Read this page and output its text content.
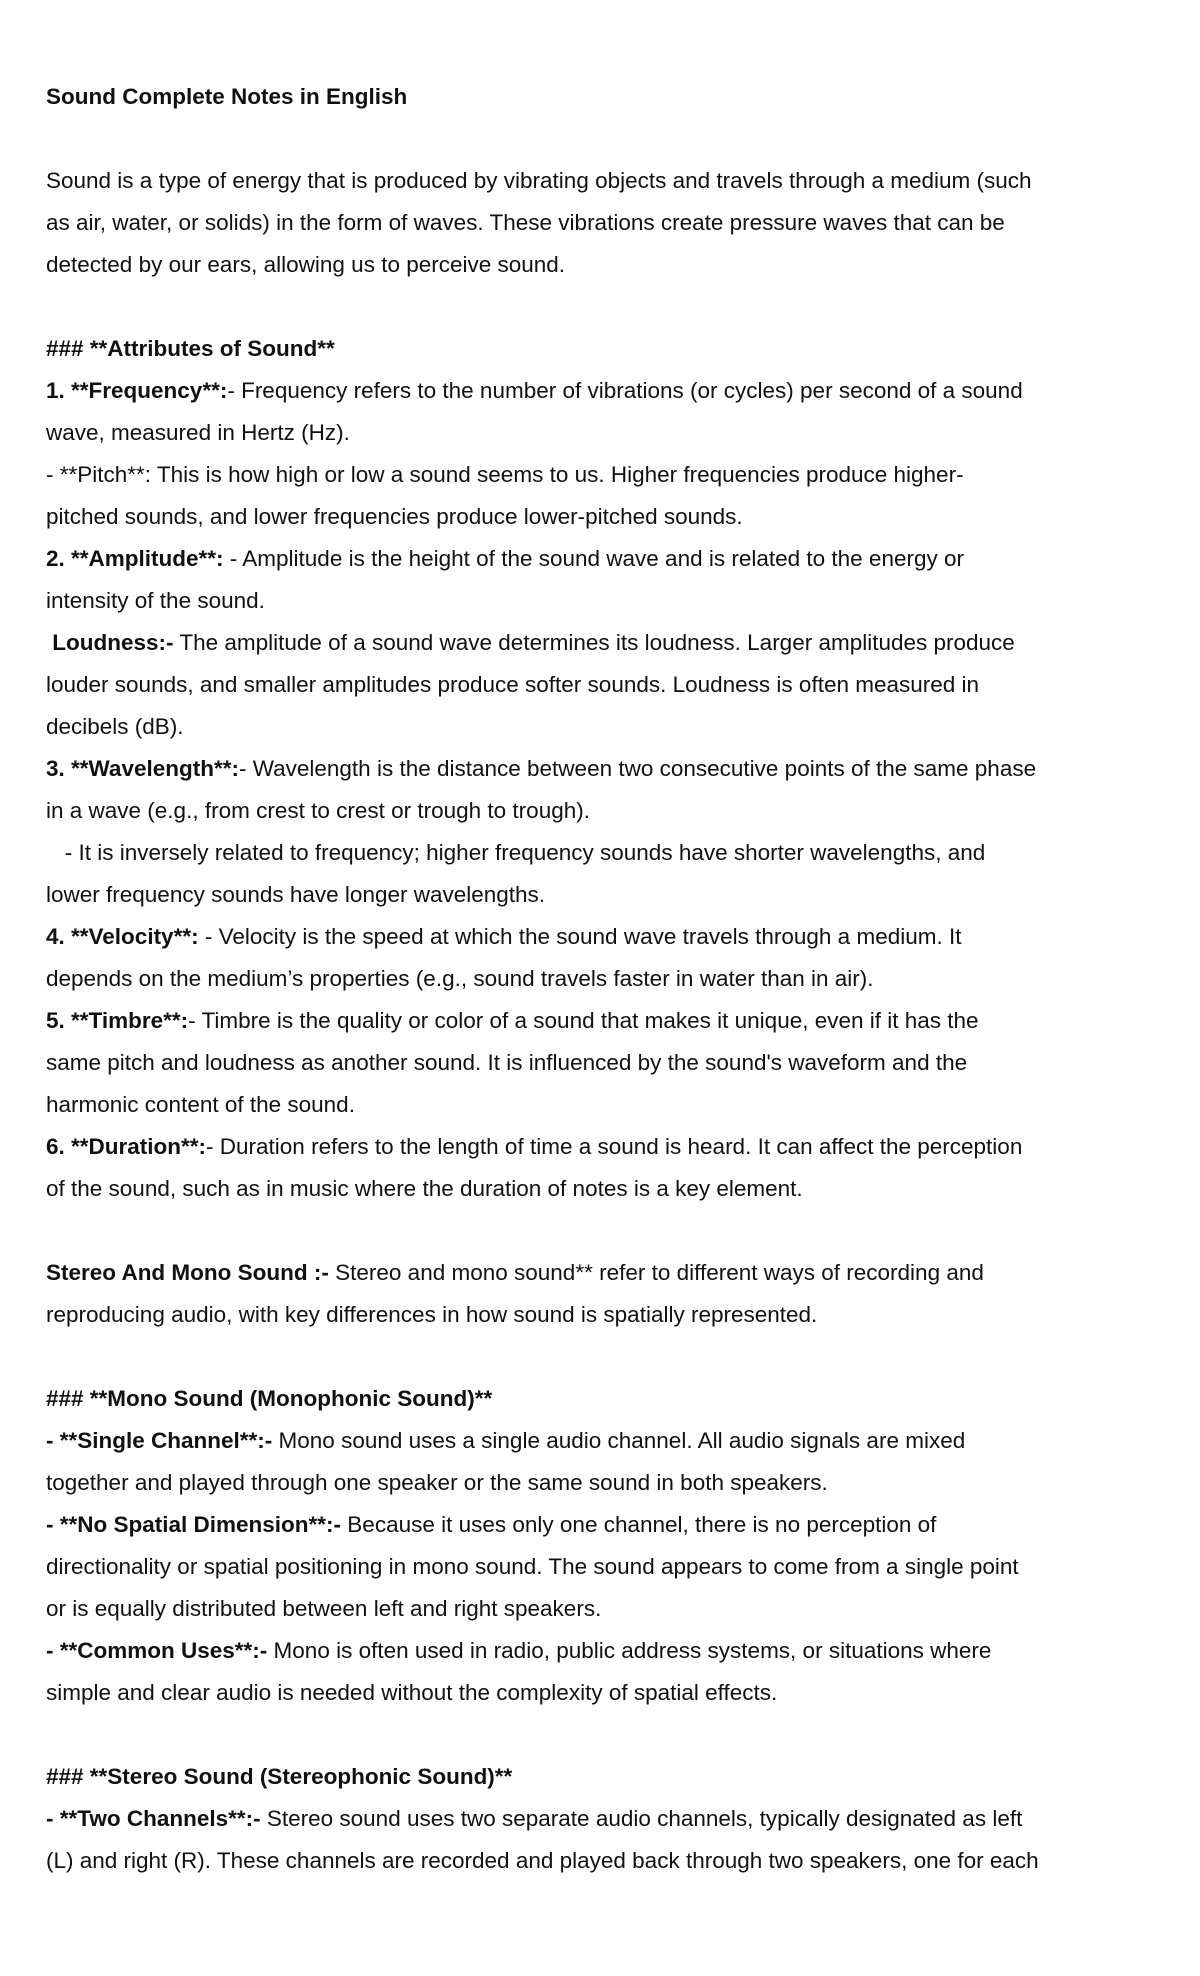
Sound Complete Notes in English
Sound is a type of energy that is produced by vibrating objects and travels through a medium (such
as air, water, or solids) in the form of waves. These vibrations create pressure waves that can be
detected by our ears, allowing us to perceive sound.
### **Attributes of Sound**
1. **Frequency**:- Frequency refers to the number of vibrations (or cycles) per second of a sound
wave, measured in Hertz (Hz).
- **Pitch**: This is how high or low a sound seems to us. Higher frequencies produce higher-
pitched sounds, and lower frequencies produce lower-pitched sounds.
2. **Amplitude**: - Amplitude is the height of the sound wave and is related to the energy or
intensity of the sound.
Loudness:- The amplitude of a sound wave determines its loudness. Larger amplitudes produce
louder sounds, and smaller amplitudes produce softer sounds. Loudness is often measured in
decibels (dB).
3. **Wavelength**:- Wavelength is the distance between two consecutive points of the same phase
in a wave (e.g., from crest to crest or trough to trough).
- It is inversely related to frequency; higher frequency sounds have shorter wavelengths, and
lower frequency sounds have longer wavelengths.
4. **Velocity**: - Velocity is the speed at which the sound wave travels through a medium. It
depends on the medium’s properties (e.g., sound travels faster in water than in air).
5. **Timbre**:- Timbre is the quality or color of a sound that makes it unique, even if it has the
same pitch and loudness as another sound. It is influenced by the sound's waveform and the
harmonic content of the sound.
6. **Duration**:- Duration refers to the length of time a sound is heard. It can affect the perception
of the sound, such as in music where the duration of notes is a key element.
Stereo And Mono Sound :- Stereo and mono sound** refer to different ways of recording and
reproducing audio, with key differences in how sound is spatially represented.
### **Mono Sound (Monophonic Sound)**
- **Single Channel**:- Mono sound uses a single audio channel. All audio signals are mixed
together and played through one speaker or the same sound in both speakers.
- **No Spatial Dimension**:- Because it uses only one channel, there is no perception of
directionality or spatial positioning in mono sound. The sound appears to come from a single point
or is equally distributed between left and right speakers.
- **Common Uses**:- Mono is often used in radio, public address systems, or situations where
simple and clear audio is needed without the complexity of spatial effects.
### **Stereo Sound (Stereophonic Sound)**
- **Two Channels**:- Stereo sound uses two separate audio channels, typically designated as left
(L) and right (R). These channels are recorded and played back through two speakers, one for each
